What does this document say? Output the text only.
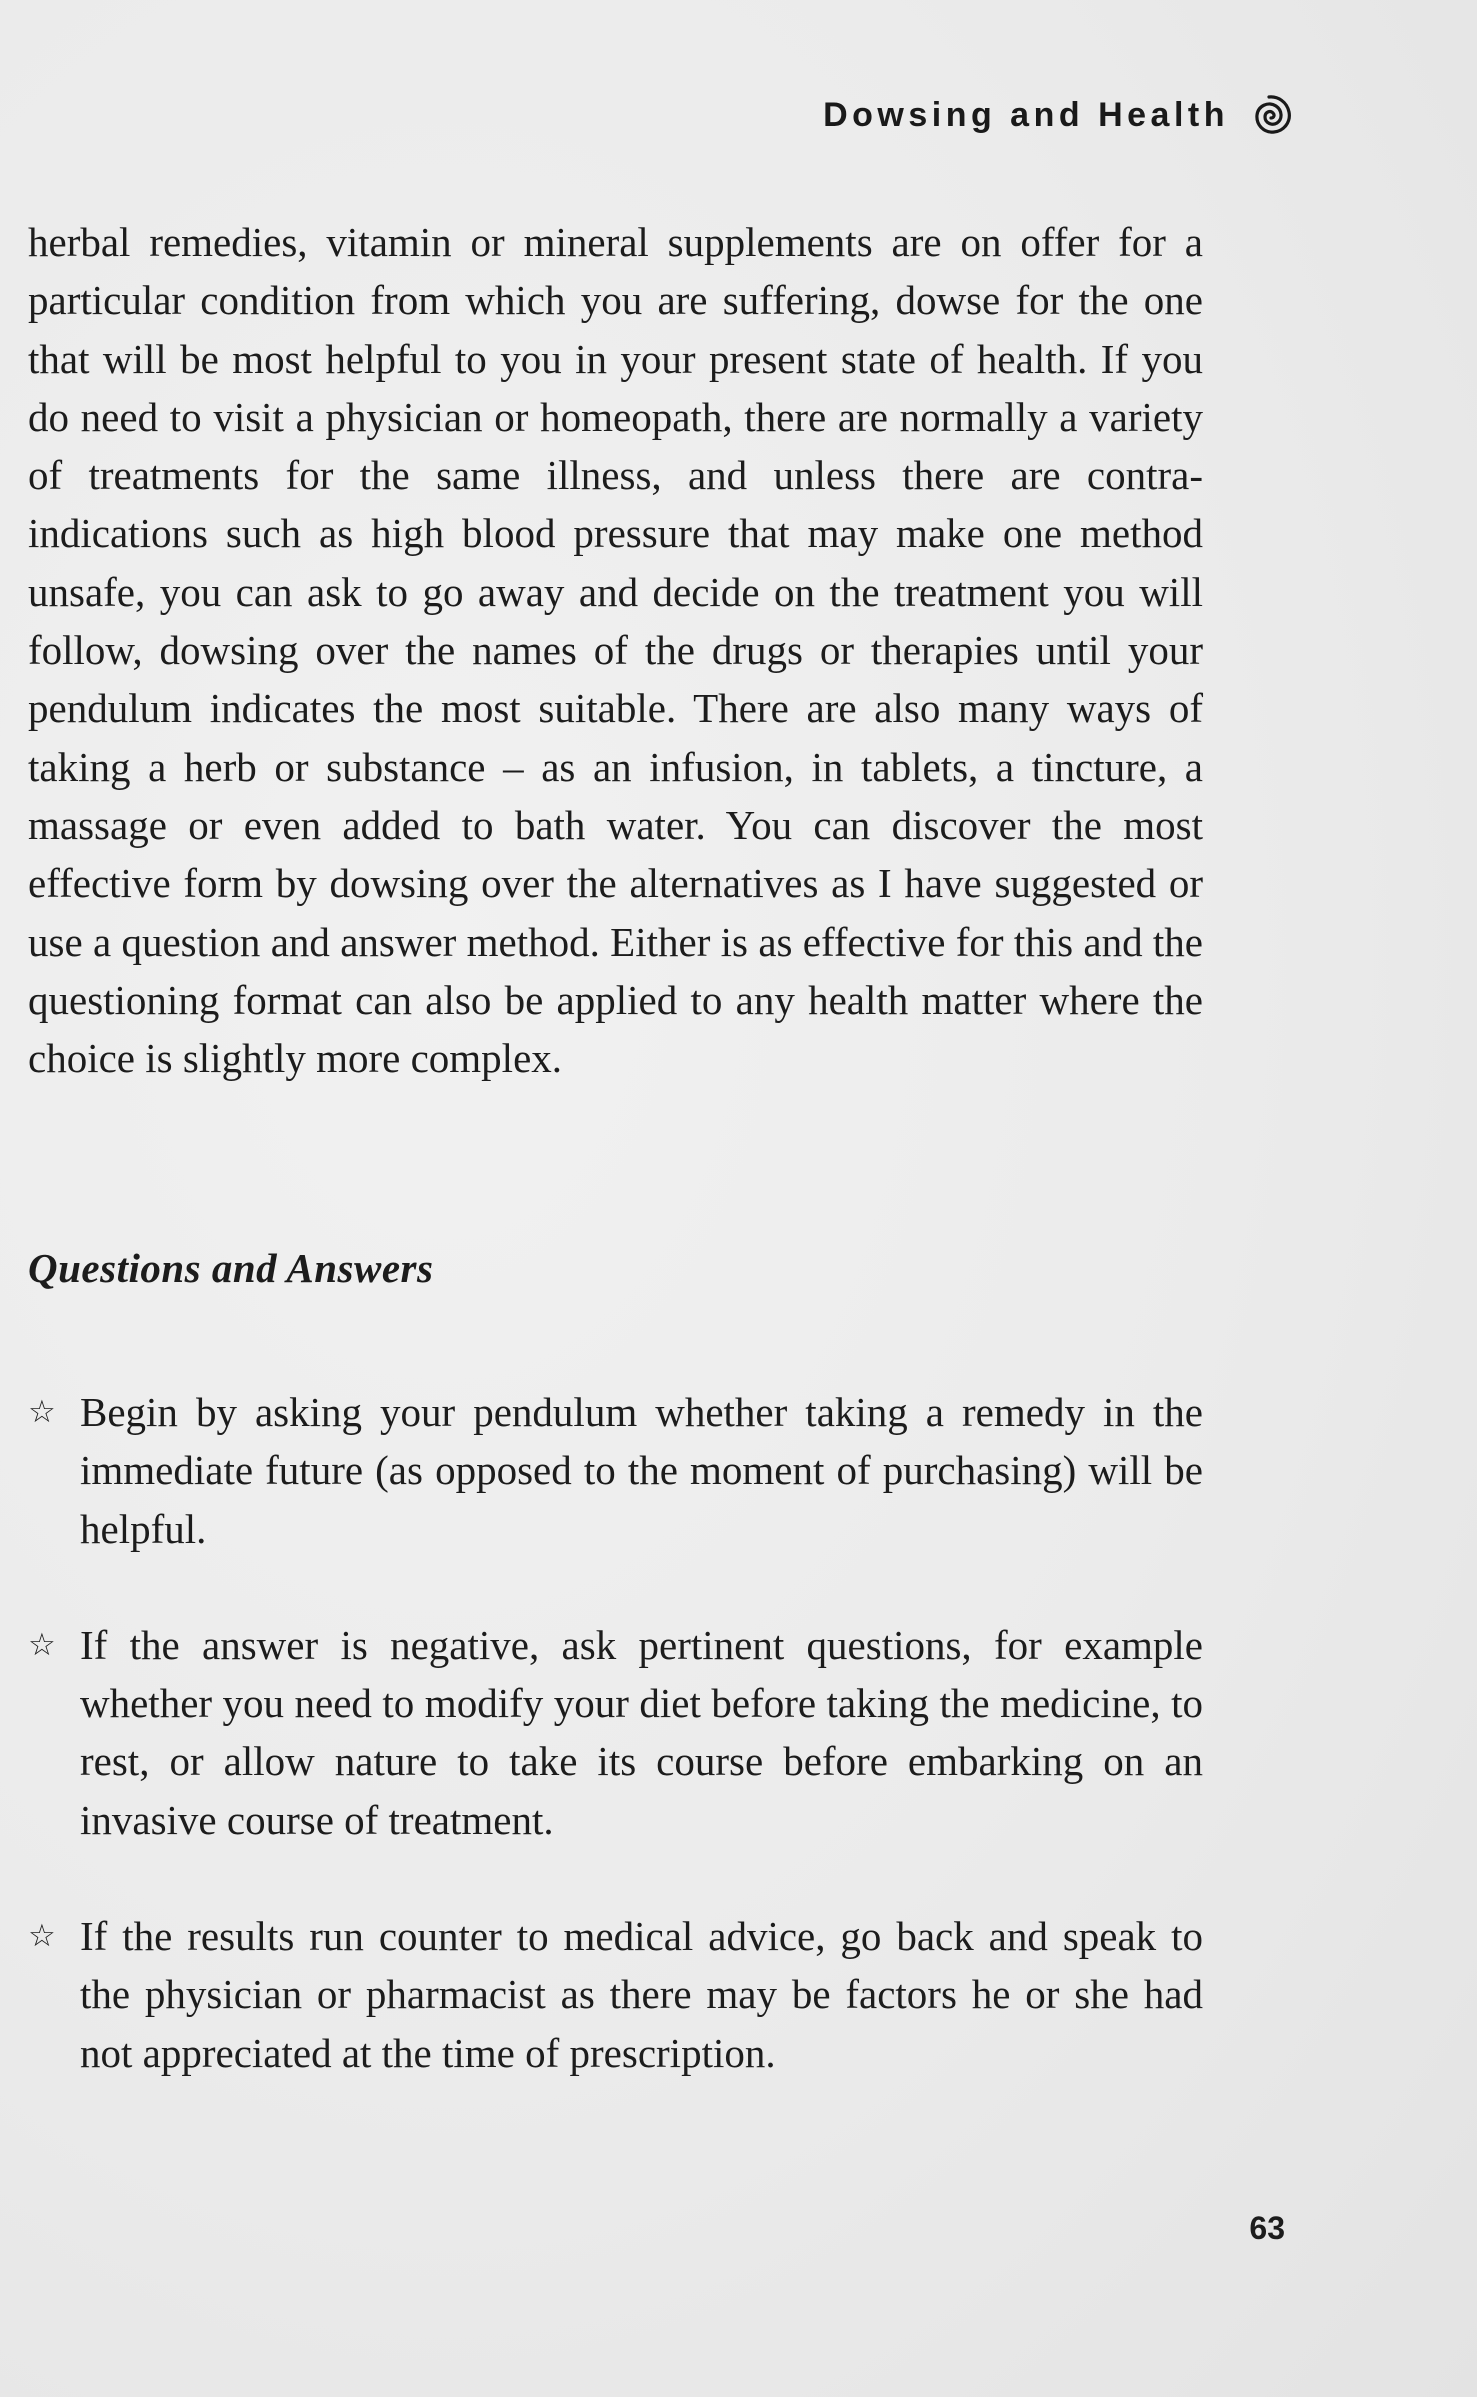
Dowsing and Health

herbal remedies, vitamin or mineral supplements are on offer for a particular condition from which you are suffering, dowse for the one that will be most helpful to you in your present state of health. If you do need to visit a physician or homeopath, there are normally a variety of treatments for the same illness, and unless there are contra-indications such as high blood pressure that may make one method unsafe, you can ask to go away and decide on the treatment you will follow, dowsing over the names of the drugs or therapies until your pendulum indicates the most suitable. There are also many ways of taking a herb or substance – as an infusion, in tablets, a tincture, a massage or even added to bath water. You can discover the most effective form by dowsing over the alternatives as I have suggested or use a question and answer method. Either is as effective for this and the questioning format can also be applied to any health matter where the choice is slightly more complex.

Questions and Answers
☆ Begin by asking your pendulum whether taking a remedy in the immediate future (as opposed to the moment of purchasing) will be helpful.
☆ If the answer is negative, ask pertinent questions, for example whether you need to modify your diet before taking the medicine, to rest, or allow nature to take its course before embarking on an invasive course of treatment.
☆ If the results run counter to medical advice, go back and speak to the physician or pharmacist as there may be factors he or she had not appreciated at the time of prescription.
63
